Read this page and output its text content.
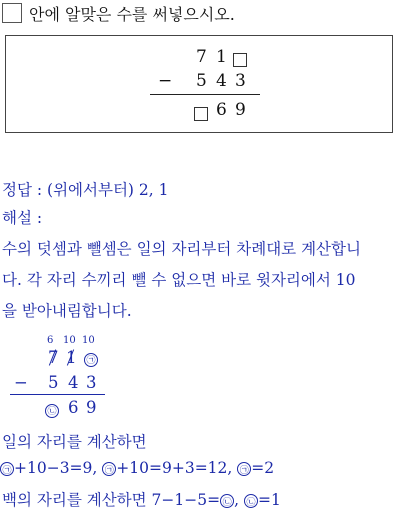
안에 알맞은 수를 써넣으시오.
7 1
− 5 4 3
6 9
정답 : (위에서부터) 2, 1
해설 :
수의 덧셈과 뺄셈은 일의 자리부터 차례대로 계산합니
다. 각 자리 수끼리 뺄 수 없으면 바로 윗자리에서 10
을 받아내림합니다.
6 10 10
7 1 ㉠
− 5 4 3
㉡ 6 9
일의 자리를 계산하면
㉠ +10−3=9, ㉠ +10=9+3=12, ㉠ =2
백의 자리를 계산하면 7−1−5= ㉡ , ㉡ =1
